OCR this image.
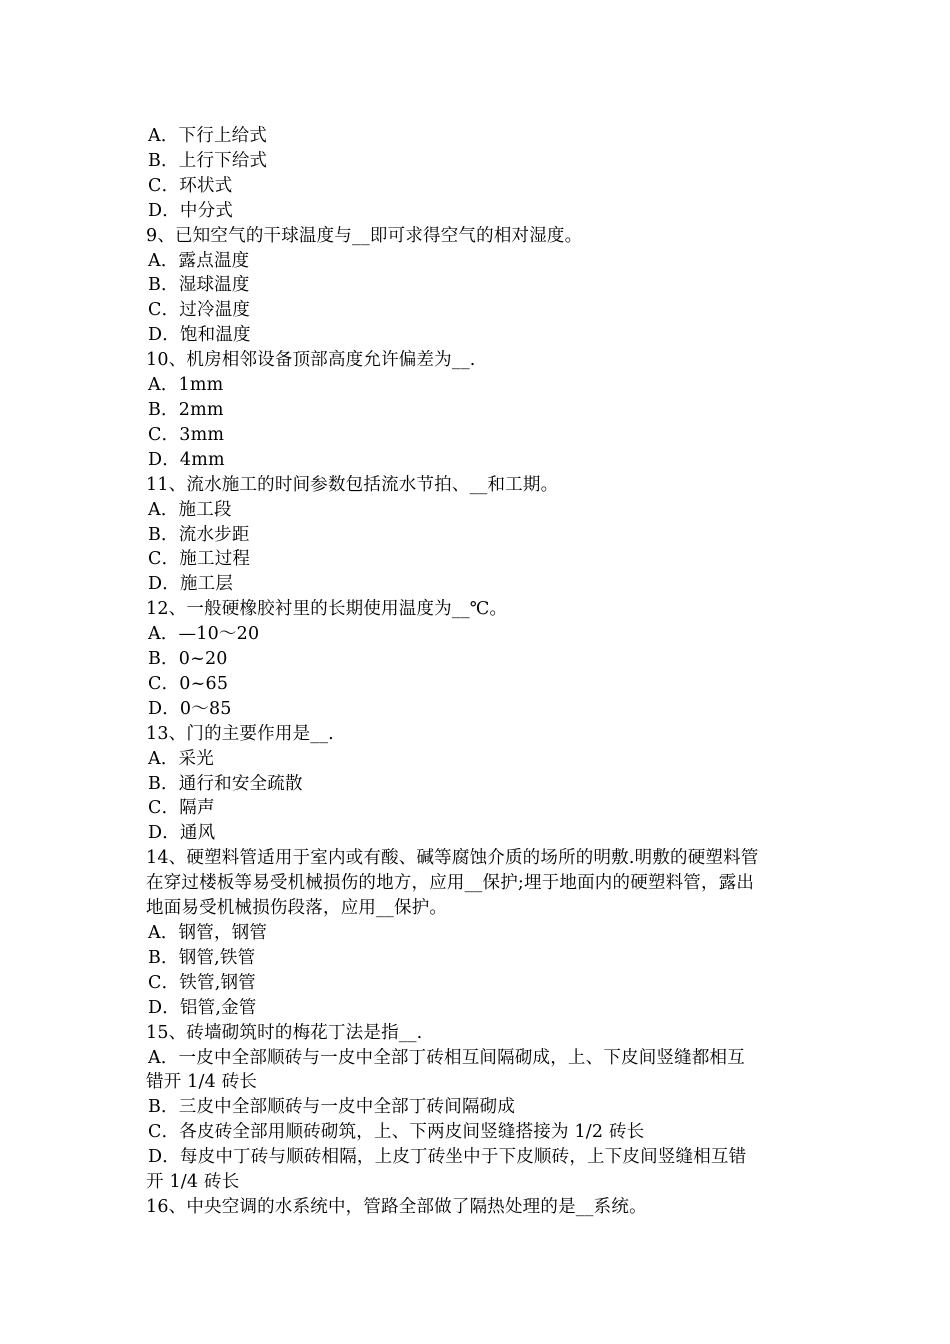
A．下行上给式
B．上行下给式
C．环状式
D．中分式
9、已知空气的干球温度与__即可求得空气的相对湿度。
A．露点温度
B．湿球温度
C．过冷温度
D．饱和温度
10、机房相邻设备顶部高度允许偏差为__.
A．1mm
B．2mm
C．3mm
D．4mm
11、流水施工的时间参数包括流水节拍、__和工期。
A．施工段
B．流水步距
C．施工过程
D．施工层
12、一般硬橡胶衬里的长期使用温度为__℃。
A．—10～20
B．0~20
C．0~65
D．0～85
13、门的主要作用是__.
A．采光
B．通行和安全疏散
C．隔声
D．通风
14、硬塑料管适用于室内或有酸、碱等腐蚀介质的场所的明敷.明敷的硬塑料管
在穿过楼板等易受机械损伤的地方，应用__保护;埋于地面内的硬塑料管，露出
地面易受机械损伤段落，应用__保护。
A．钢管，钢管
B．钢管,铁管
C．铁管,钢管
D．铝管,金管
15、砖墙砌筑时的梅花丁法是指__.
A．一皮中全部顺砖与一皮中全部丁砖相互间隔砌成，上、下皮间竖缝都相互
错开 1/4 砖长
B．三皮中全部顺砖与一皮中全部丁砖间隔砌成
C．各皮砖全部用顺砖砌筑，上、下两皮间竖缝搭接为 1/2 砖长
D．每皮中丁砖与顺砖相隔，上皮丁砖坐中于下皮顺砖，上下皮间竖缝相互错
开 1/4 砖长
16、中央空调的水系统中，管路全部做了隔热处理的是__系统。
